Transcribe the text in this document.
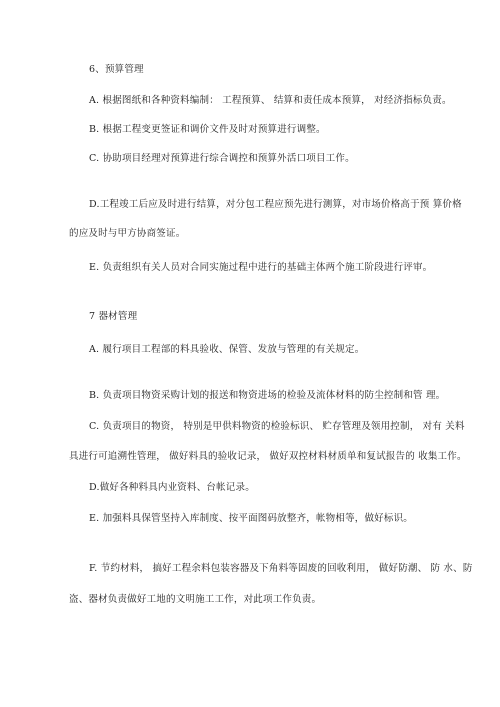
6、预算管理
A. 根据图纸和各种资料编制： 工程预算、 结算和责任成本预算， 对经济指标负责。
B. 根据工程变更签证和调价文件及时对预算进行调整。
C. 协助项目经理对预算进行综合调控和预算外活口项目工作。
D.工程竣工后应及时进行结算，对分包工程应预先进行测算，对市场价格高于预 算价格
的应及时与甲方协商签证。
E. 负责组织有关人员对合同实施过程中进行的基础主体两个施工阶段进行评审。
7 器材管理
A. 履行项目工程部的料具验收、保管、发放与管理的有关规定。
B. 负责项目物资采购计划的报送和物资进场的检验及流体材料的防尘控制和管 理。
C. 负责项目的物资， 特别是甲供料物资的检验标识、 贮存管理及领用控制， 对有 关料
具进行可追溯性管理， 做好料具的验收记录， 做好双控材料材质单和复试报告的 收集工作。
D.做好各种料具内业资料、台帐记录。
E. 加强料具保管坚持入库制度、按平面图码放整齐，帐物相等，做好标识。
F. 节约材料， 搞好工程余料包装容器及下角料等固废的回收利用， 做好防潮、 防 水、防
盗、器材负责做好工地的文明施工工作，对此项工作负责。
